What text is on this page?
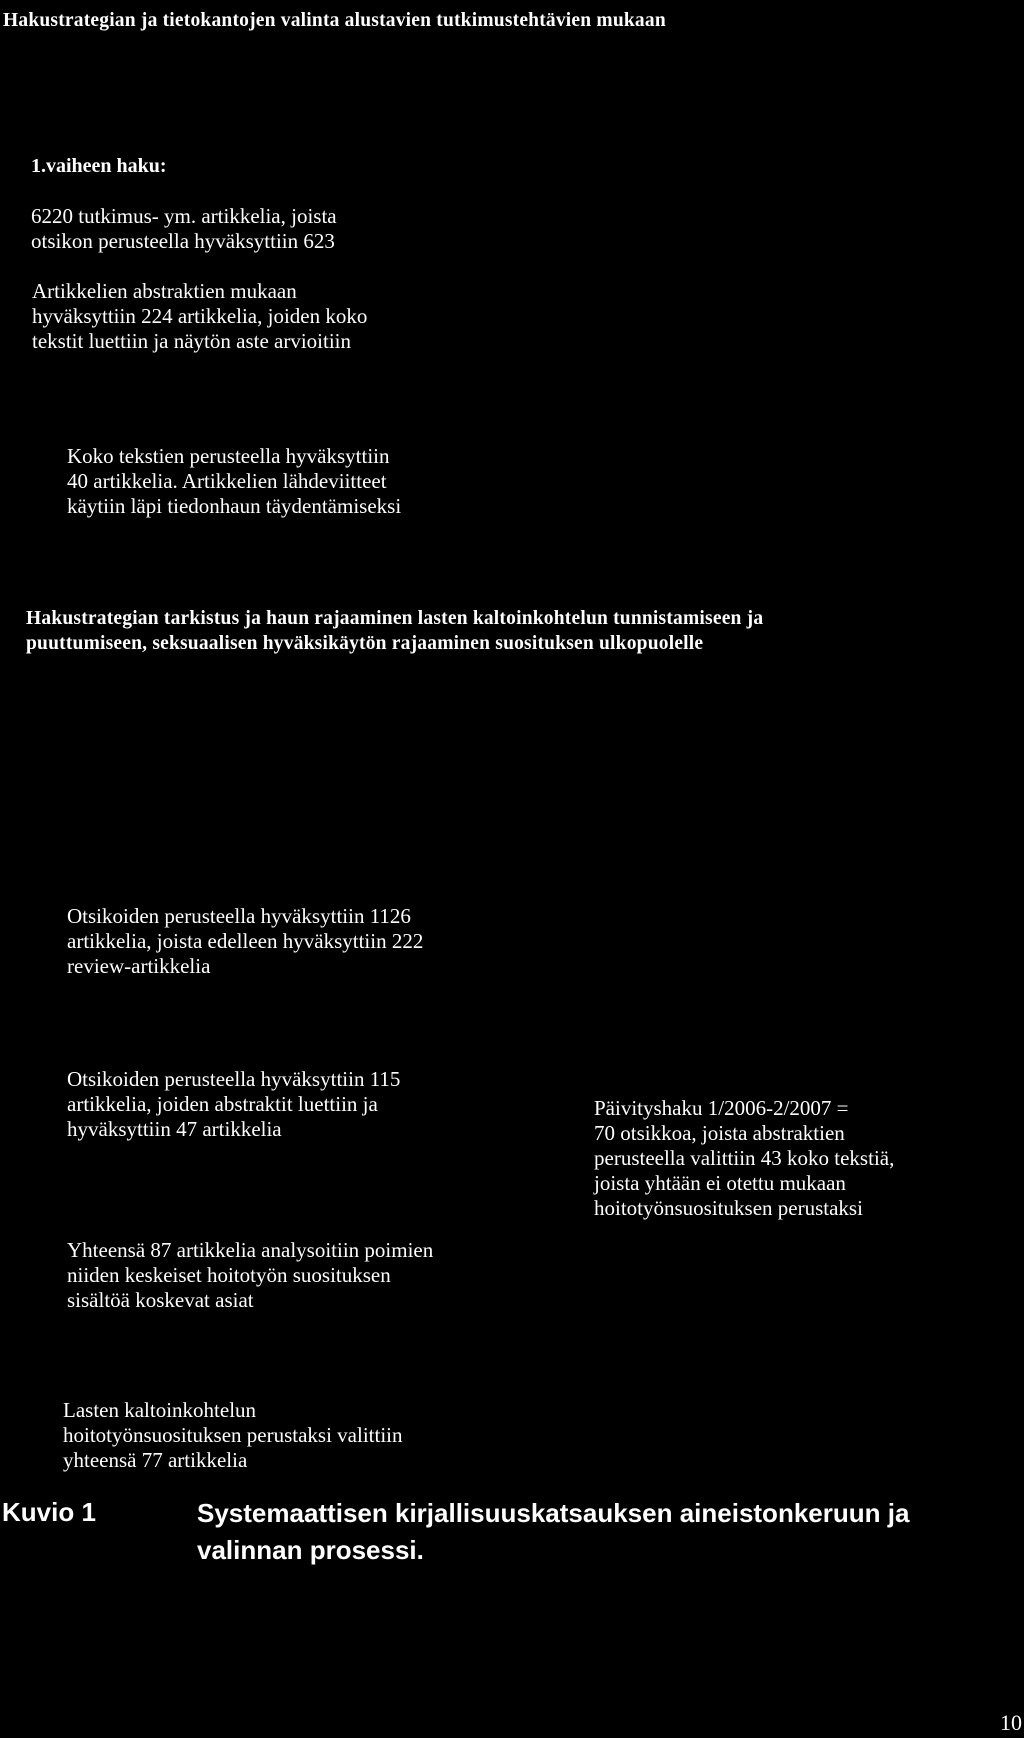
Hakustrategian ja tietokantojen valinta alustavien tutkimustehtävien mukaan

1.vaiheen haku:

6220 tutkimus- ym. artikkelia, joista
otsikon perusteella hyväksyttiin 623

Artikkelien abstraktien mukaan
hyväksyttiin 224 artikkelia, joiden koko
tekstit luettiin ja näytön aste arvioitiin

Koko tekstien perusteella hyväksyttiin
40 artikkelia. Artikkelien lähdeviitteet
käytiin läpi tiedonhaun täydentämiseksi

Hakustrategian tarkistus ja haun rajaaminen lasten kaltoinkohtelun tunnistamiseen ja
puuttumiseen, seksuaalisen hyväksikäytön rajaaminen suosituksen ulkopuolelle

Otsikoiden perusteella hyväksyttiin 1126
artikkelia, joista edelleen hyväksyttiin 222
review-artikkelia

Otsikoiden perusteella hyväksyttiin 115
artikkelia, joiden abstraktit luettiin ja
hyväksyttiin 47 artikkelia

Päivityshaku 1/2006-2/2007 =
70 otsikkoa, joista abstraktien
perusteella valittiin 43 koko tekstiä,
joista yhtään ei otettu mukaan
hoitotyönsuosituksen perustaksi

Yhteensä 87 artikkelia analysoitiin poimien
niiden keskeiset hoitotyön suosituksen
sisältöä koskevat asiat

Lasten kaltoinkohtelun
hoitotyönsuosituksen perustaksi valittiin
yhteensä 77 artikkelia

Kuvio 1	Systemaattisen kirjallisuuskatsauksen aineistonkeruun ja
valinnan prosessi.

10
